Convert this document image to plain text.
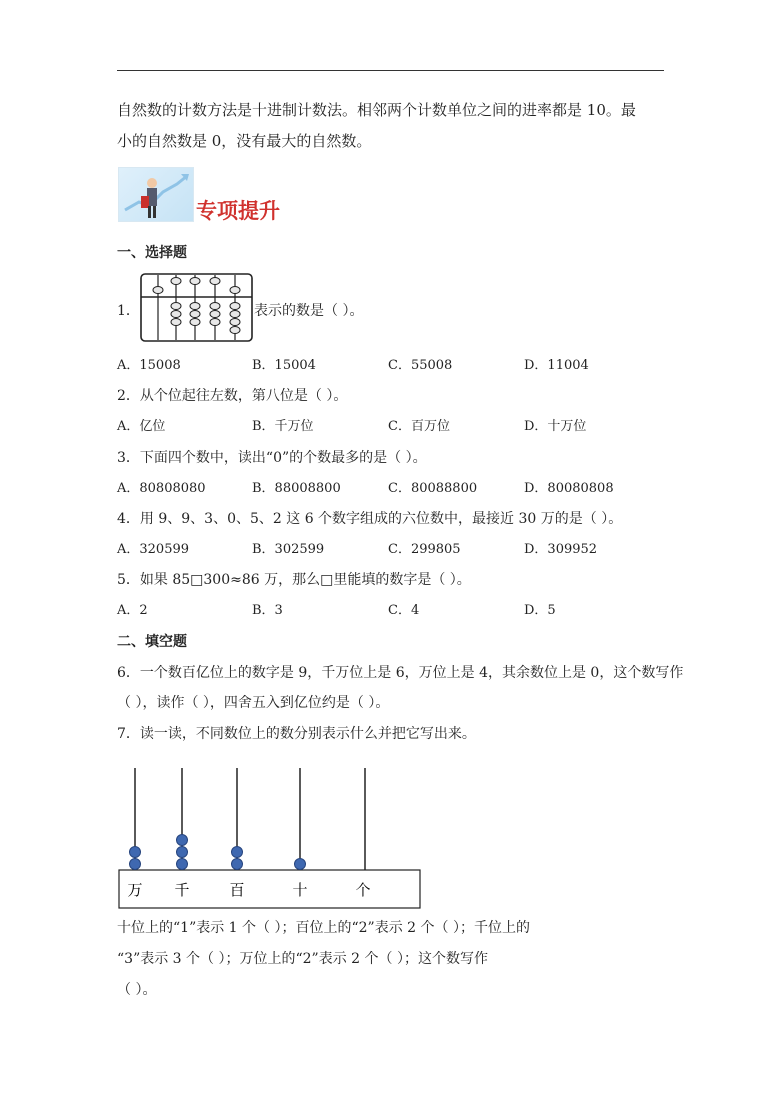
自然数的计数方法是十进制计数法。相邻两个计数单位之间的进率都是 10。最
小的自然数是 0，没有最大的自然数。
专项提升
一、选择题
1．	表示的数是（ ）。
A．15008	B．15004	C．55008	D．11004
2．从个位起往左数，第八位是（ ）。
A．亿位	B．千万位	C．百万位	D．十万位
3．下面四个数中，读出“0”的个数最多的是（ ）。
A．80808080	B．88008800	C．80088800	D．80080808
4．用 9、9、3、0、5、2 这 6 个数字组成的六位数中，最接近 30 万的是（ ）。
A．320599	B．302599	C．299805	D．309952
5．如果 85□300≈86 万，那么□里能填的数字是（ ）。
A．2	B．3	C．4	D．5
二、填空题
6．一个数百亿位上的数字是 9，千万位上是 6，万位上是 4，其余数位上是 0，这个数写作
（ ），读作（ ），四舍五入到亿位约是（ ）。
7．读一读，不同数位上的数分别表示什么并把它写出来。
万 千	百	十	个
十位上的“1”表示 1 个（ ）；百位上的“2”表示 2 个（ ）；千位上的
“3”表示 3 个（ ）；万位上的“2”表示 2 个（ ）；这个数写作
（ ）。
